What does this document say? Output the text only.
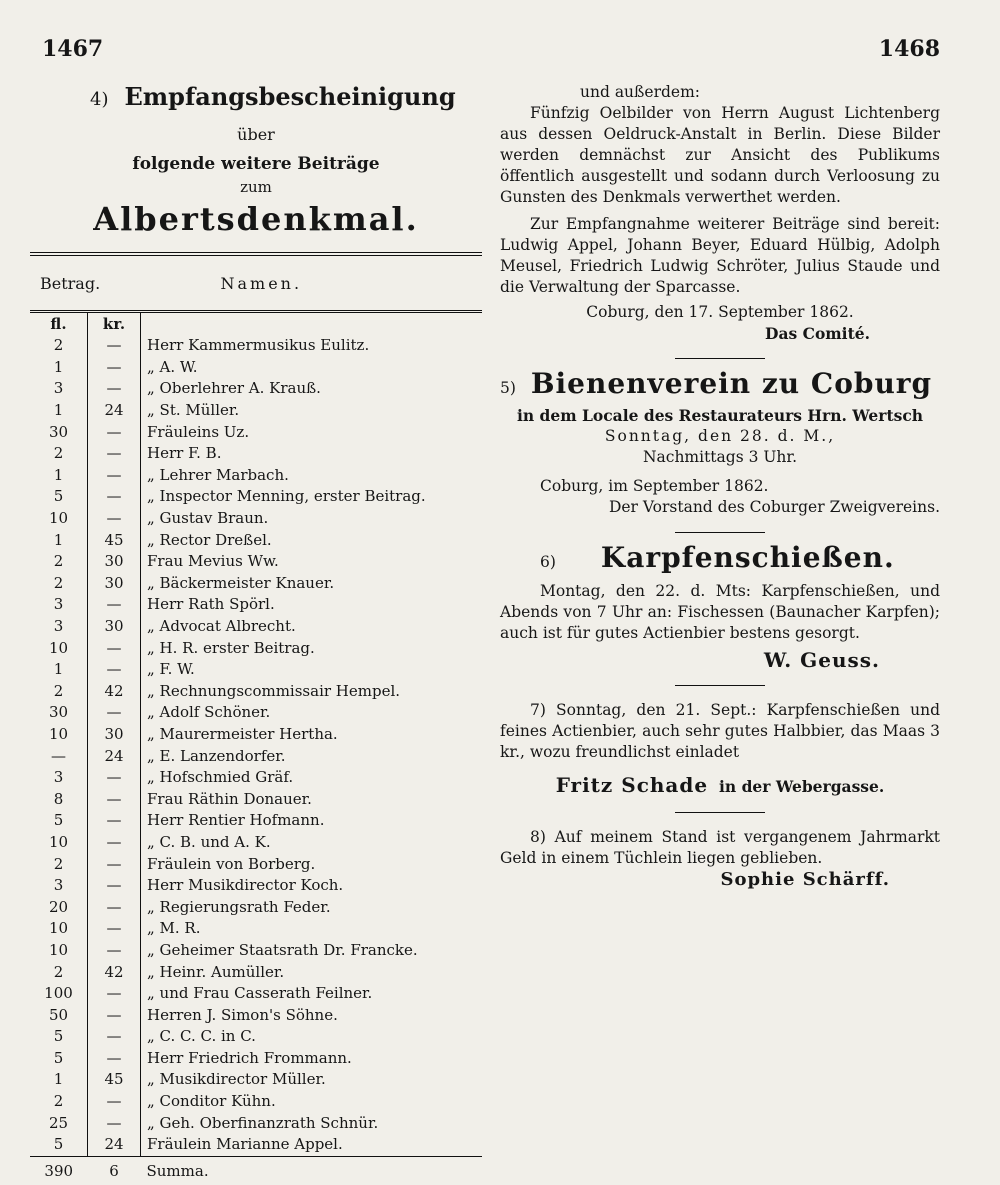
1467	1468
4) Empfangsbescheinigung
über
folgende weitere Beiträge
zum
Albertsdenkmal.
Betrag.		Namen.
fl.	kr.	
2	—	Herr Kammermusikus Eulitz.
1	—	„ A. W.
3	—	„ Oberlehrer A. Krauß.
1	24	„ St. Müller.
30	—	Fräuleins Uz.
2	—	Herr F. B.
1	—	„ Lehrer Marbach.
5	—	„ Inspector Menning, erster Beitrag.
10	—	„ Gustav Braun.
1	45	„ Rector Dreßel.
2	30	Frau Mevius Ww.
2	30	„ Bäckermeister Knauer.
3	—	Herr Rath Spörl.
3	30	„ Advocat Albrecht.
10	—	„ H. R. erster Beitrag.
1	—	„ F. W.
2	42	„ Rechnungscommissair Hempel.
30	—	„ Adolf Schöner.
10	30	„ Maurermeister Hertha.
—	24	„ E. Lanzendorfer.
3	—	„ Hofschmied Gräf.
8	—	Frau Räthin Donauer.
5	—	Herr Rentier Hofmann.
10	—	„ C. B. und A. K.
2	—	Fräulein von Borberg.
3	—	Herr Musikdirector Koch.
20	—	„ Regierungsrath Feder.
10	—	„ M. R.
10	—	„ Geheimer Staatsrath Dr. Francke.
2	42	„ Heinr. Aumüller.
100	—	„ und Frau Casserath Feilner.
50	—	Herren J. Simon's Söhne.
5	—	„ C. C. C. in C.
5	—	Herr Friedrich Frommann.
1	45	„ Musikdirector Müller.
2	—	„ Conditor Kühn.
25	—	„ Geh. Oberfinanzrath Schnür.
5	24	Fräulein Marianne Appel.
390	6	Summa.

und außerdem:

Fünfzig Oelbilder von Herrn August Lichtenberg aus dessen Oeldruck-Anstalt in Berlin. Diese Bilder werden demnächst zur Ansicht des Publikums öffentlich ausgestellt und sodann durch Verloosung zu Gunsten des Denkmals verwerthet werden.

Zur Empfangnahme weiterer Beiträge sind bereit: Ludwig Appel, Johann Beyer, Eduard Hülbig, Adolph Meusel, Friedrich Ludwig Schröter, Julius Staude und die Verwaltung der Sparcasse.

Coburg, den 17. September 1862.

Das Comité.

5) Bienenverein zu Coburg

in dem Locale des Restaurateurs Hrn. Wertsch

Sonntag, den 28. d. M.,

Nachmittags 3 Uhr.

Coburg, im September 1862.

Der Vorstand des Coburger Zweigvereins.

6) Karpfenschießen.

Montag, den 22. d. Mts: Karpfenschießen, und Abends von 7 Uhr an: Fischessen (Baunacher Karpfen); auch ist für gutes Actienbier bestens gesorgt.

W. Geuss.

7) Sonntag, den 21. Sept.: Karpfenschießen und feines Actienbier, auch sehr gutes Halbbier, das Maas 3 kr., wozu freundlichst einladet

Fritz Schade in der Webergasse.

8) Auf meinem Stand ist vergangenem Jahrmarkt Geld in einem Tüchlein liegen geblieben.

Sophie Schärff.
